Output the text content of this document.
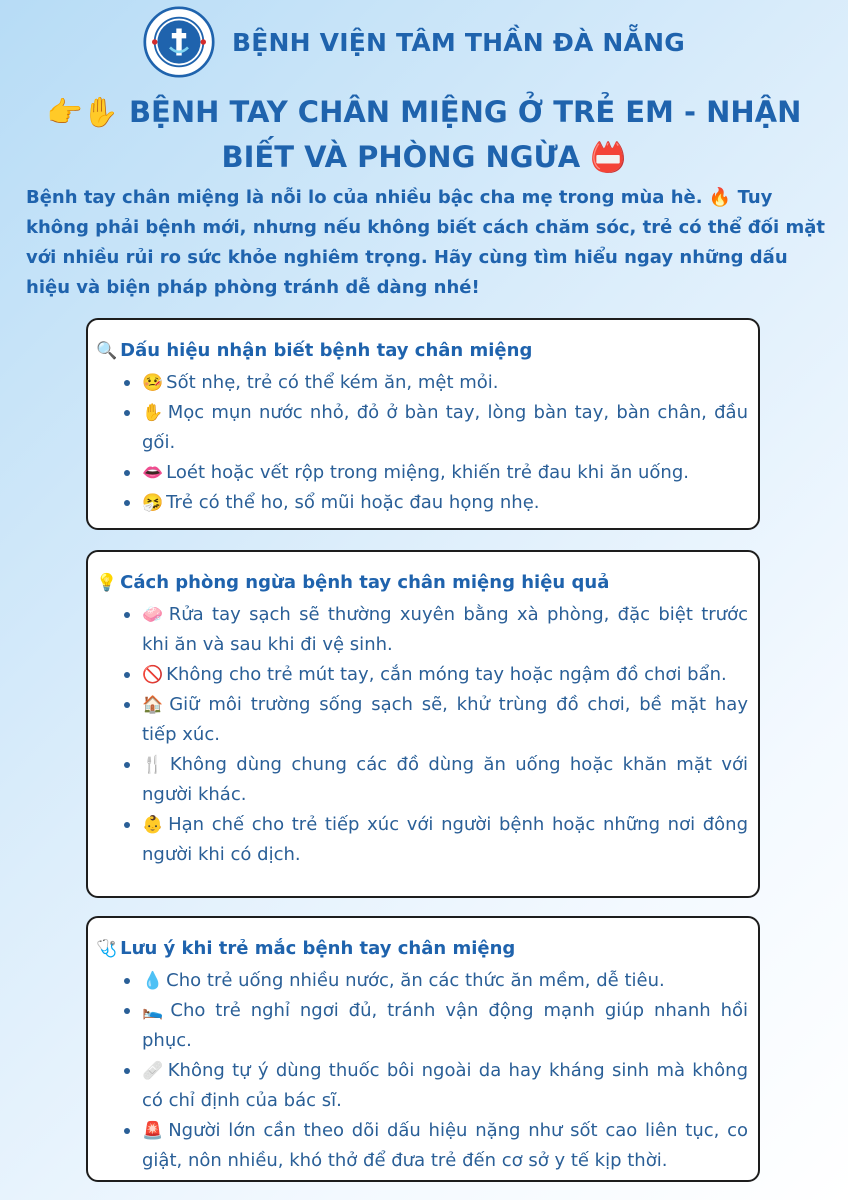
BỆNH VIỆN TÂM THẦN ĐÀ NẴNG
👉✋ BỆNH TAY CHÂN MIỆNG Ở TRẺ EM - NHẬN BIẾT VÀ PHÒNG NGỪA 📛

Bệnh tay chân miệng là nỗi lo của nhiều bậc cha mẹ trong mùa hè. 🔥 Tuy không phải bệnh mới, nhưng nếu không biết cách chăm sóc, trẻ có thể đối mặt với nhiều rủi ro sức khỏe nghiêm trọng. Hãy cùng tìm hiểu ngay những dấu hiệu và biện pháp phòng tránh dễ dàng nhé!

🔍 Dấu hiệu nhận biết bệnh tay chân miệng
🤒 Sốt nhẹ, trẻ có thể kém ăn, mệt mỏi.
✋ Mọc mụn nước nhỏ, đỏ ở bàn tay, lòng bàn tay, bàn chân, đầu gối.
👄 Loét hoặc vết rộp trong miệng, khiến trẻ đau khi ăn uống.
🤧 Trẻ có thể ho, sổ mũi hoặc đau họng nhẹ.
💡 Cách phòng ngừa bệnh tay chân miệng hiệu quả
🧼 Rửa tay sạch sẽ thường xuyên bằng xà phòng, đặc biệt trước khi ăn và sau khi đi vệ sinh.
🚫 Không cho trẻ mút tay, cắn móng tay hoặc ngậm đồ chơi bẩn.
🏠 Giữ môi trường sống sạch sẽ, khử trùng đồ chơi, bề mặt hay tiếp xúc.
🍴 Không dùng chung các đồ dùng ăn uống hoặc khăn mặt với người khác.
👶 Hạn chế cho trẻ tiếp xúc với người bệnh hoặc những nơi đông người khi có dịch.
🩺 Lưu ý khi trẻ mắc bệnh tay chân miệng
💧 Cho trẻ uống nhiều nước, ăn các thức ăn mềm, dễ tiêu.
🛌 Cho trẻ nghỉ ngơi đủ, tránh vận động mạnh giúp nhanh hồi phục.
🩹 Không tự ý dùng thuốc bôi ngoài da hay kháng sinh mà không có chỉ định của bác sĩ.
🚨 Người lớn cần theo dõi dấu hiệu nặng như sốt cao liên tục, co giật, nôn nhiều, khó thở để đưa trẻ đến cơ sở y tế kịp thời.
